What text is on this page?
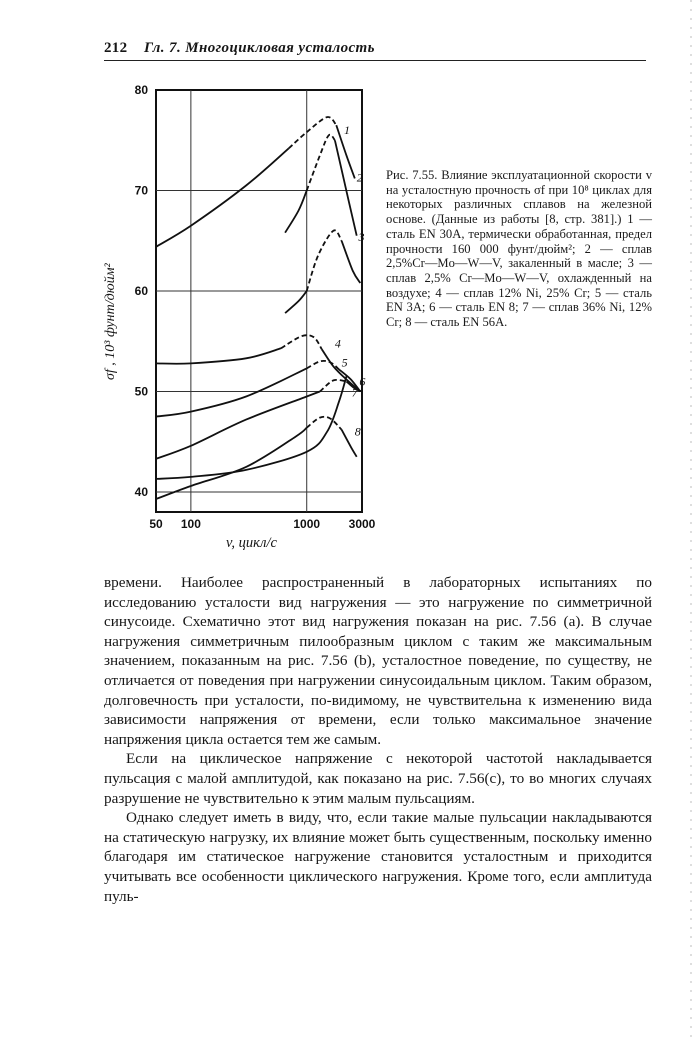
212 Гл. 7. Многоцикловая усталость
40
50
60
70
80
50 100	1000 3000
1
2
3
4
5
6
7
8
σf , 10³ фунт/дюйм²
v, цикл/с

Рис. 7.55. Влияние эксплуатационной скорости v на усталостную прочность σf при 10⁸ циклах для некоторых различных сплавов на железной основе. (Данные из работы [8, стр. 381].) 1 — сталь EN 30A, термически обработанная, предел прочности 160 000 фунт/дюйм²; 2 — сплав 2,5%Cr—Mo—W—V, закаленный в масле; 3 — сплав 2,5% Cr—Mo—W—V, охлажденный на воздухе; 4 — сплав 12% Ni, 25% Cr; 5 — сталь EN 3A; 6 — сталь EN 8; 7 — сплав 36% Ni, 12% Cr; 8 — сталь EN 56A.

времени. Наиболее распространенный в лабораторных испытаниях по исследованию усталости вид нагружения — это нагружение по симметричной синусоиде. Схематично этот вид нагружения показан на рис. 7.56 (a). В случае нагружения симметричным пилообразным циклом с таким же максимальным значением, показанным на рис. 7.56 (b), усталостное поведение, по существу, не отличается от поведения при нагружении синусоидальным циклом. Таким образом, долговечность при усталости, по-видимому, не чувствительна к изменению вида зависимости напряжения от времени, если только максимальное значение напряжения цикла остается тем же самым.

Если на циклическое напряжение с некоторой частотой накладывается пульсация с малой амплитудой, как показано на рис. 7.56(c), то во многих случаях разрушение не чувствительно к этим малым пульсациям.

Однако следует иметь в виду, что, если такие малые пульсации накладываются на статическую нагрузку, их влияние может быть существенным, поскольку именно благодаря им статическое нагружение становится усталостным и приходится учитывать все особенности циклического нагружения. Кроме того, если амплитуда пуль-
